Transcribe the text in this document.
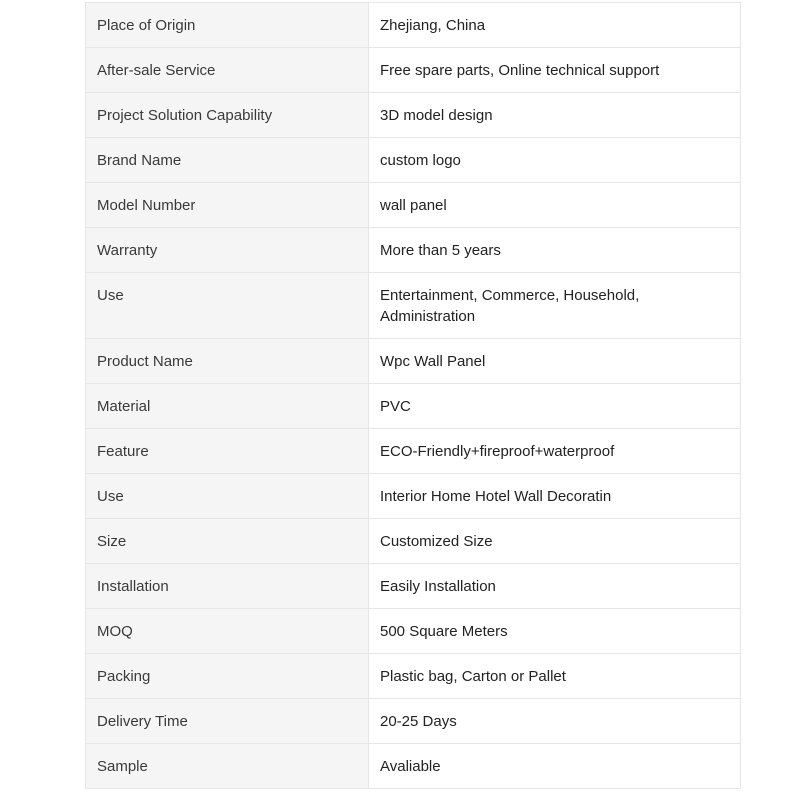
Place of Origin	Zhejiang, China
After-sale Service	Free spare parts, Online technical support
Project Solution Capability	3D model design
Brand Name	custom logo
Model Number	wall panel
Warranty	More than 5 years
Use	Entertainment, Commerce, Household, Administration
Product Name	Wpc Wall Panel
Material	PVC
Feature	ECO-Friendly+fireproof+waterproof
Use	Interior Home Hotel Wall Decoratin
Size	Customized Size
Installation	Easily Installation
MOQ	500 Square Meters
Packing	Plastic bag, Carton or Pallet
Delivery Time	20-25 Days
Sample	Avaliable
